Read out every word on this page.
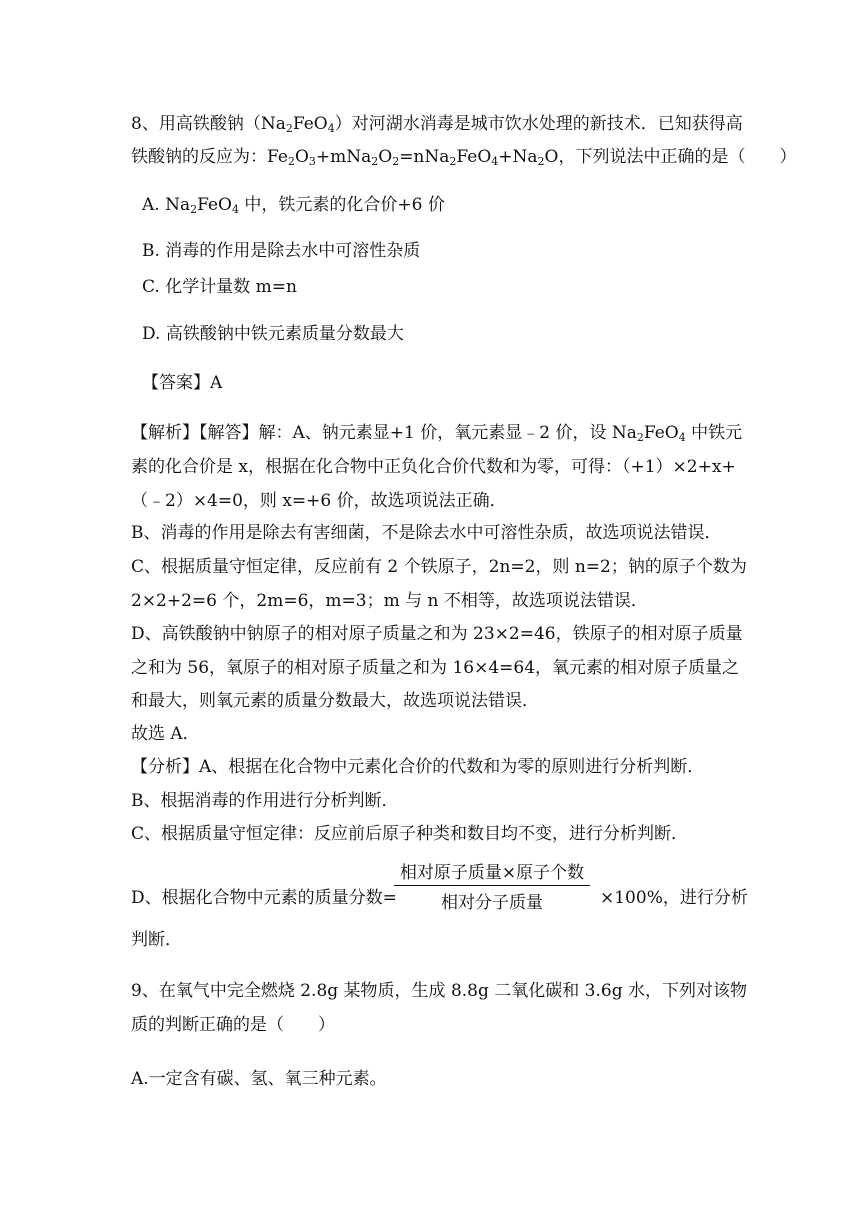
8、用高铁酸钠$(Na_2FeO_4)$对河湖水消毒是城市饮水处理的新技术．已知获得高
铁酸钠的反应为：$Fe_2O_3+mNa_2O_2=nNa_2FeO_4+Na_2O$，下列说法中正确的是（　　）
A. $Na_2FeO_4$ 中，铁元素的化合价+6 价
B. 消毒的作用是除去水中可溶性杂质
C. 化学计量数 m=n
D. 高铁酸钠中铁元素质量分数最大
【答案】A
【解析】【解答】解：A、钠元素显+1 价，氧元素显﹣2 价，设 $Na_2FeO_4$ 中铁元
素的化合价是 x，根据在化合物中正负化合价代数和为零，可得：（+1）×2+x+
（﹣2）×4=0，则 x=+6 价，故选项说法正确．
B、消毒的作用是除去有害细菌，不是除去水中可溶性杂质，故选项说法错误．
C、根据质量守恒定律，反应前有 2 个铁原子，2n=2，则 n=2；钠的原子个数为
2×2+2=6 个，2m=6，m=3；m 与 n 不相等，故选项说法错误．
D、高铁酸钠中钠原子的相对原子质量之和为 23×2=46，铁原子的相对原子质量
之和为 56，氧原子的相对原子质量之和为 16×4=64，氧元素的相对原子质量之
和最大，则氧元素的质量分数最大，故选项说法错误．
故选 A．
【分析】A、根据在化合物中元素化合价的代数和为零的原则进行分析判断．
B、根据消毒的作用进行分析判断．
C、根据质量守恒定律：反应前后原子种类和数目均不变，进行分析判断．
相对原子质量×原子个数
相对分子质量
D、根据化合物中元素的质量分数=	×100%，进行分析
判断．
9、在氧气中完全燃烧 2.8g 某物质，生成 8.8g 二氧化碳和 3.6g 水，下列对该物
质的判断正确的是（　　）
A.一定含有碳、氢、氧三种元素。
